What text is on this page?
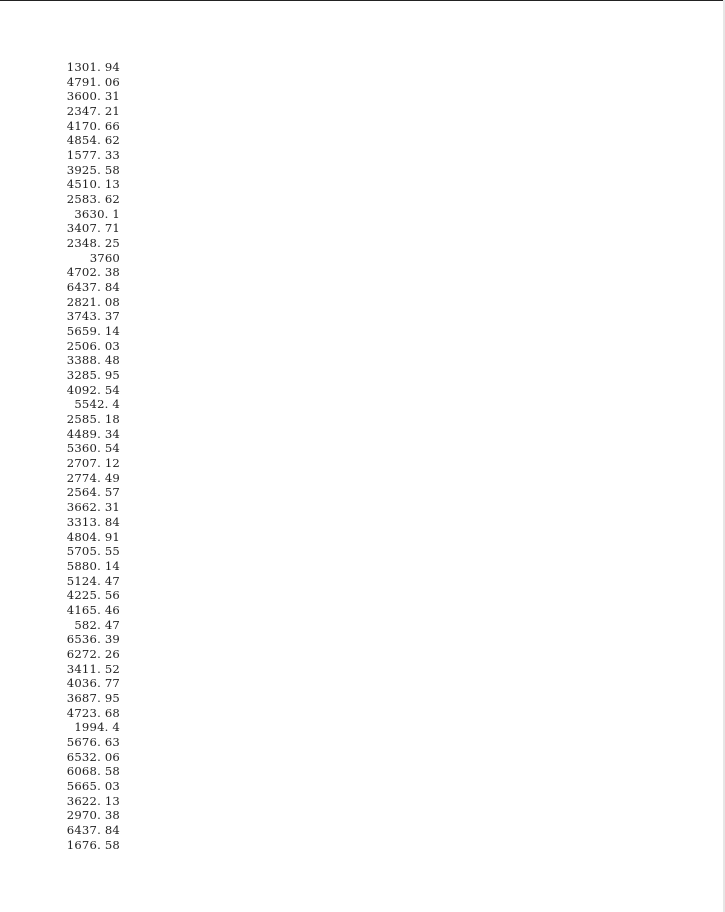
1301. 94
4791. 06
3600. 31
2347. 21
4170. 66
4854. 62
1577. 33
3925. 58
4510. 13
2583. 62
3630. 1
3407. 71
2348. 25
3760
4702. 38
6437. 84
2821. 08
3743. 37
5659. 14
2506. 03
3388. 48
3285. 95
4092. 54
5542. 4
2585. 18
4489. 34
5360. 54
2707. 12
2774. 49
2564. 57
3662. 31
3313. 84
4804. 91
5705. 55
5880. 14
5124. 47
4225. 56
4165. 46
582. 47
6536. 39
6272. 26
3411. 52
4036. 77
3687. 95
4723. 68
1994. 4
5676. 63
6532. 06
6068. 58
5665. 03
3622. 13
2970. 38
6437. 84
1676. 58
